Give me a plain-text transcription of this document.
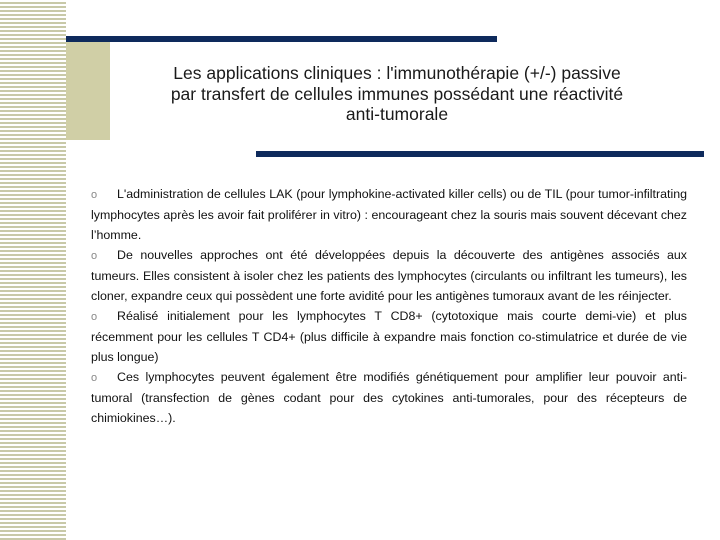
Les applications cliniques : l'immunothérapie (+/-) passive
par transfert de cellules immunes possédant une réactivité
anti-tumorale
o L'administration de cellules LAK (pour lymphokine-activated killer cells) ou de TIL (pour tumor-infiltrating lymphocytes après les avoir fait proliférer in vitro) : encourageant chez la souris mais souvent décevant chez l’homme.
o De nouvelles approches ont été développées depuis la découverte des antigènes associés aux tumeurs. Elles consistent à isoler chez les patients des lymphocytes (circulants ou infiltrant les tumeurs), les cloner, expandre ceux qui possèdent une forte avidité pour les antigènes tumoraux avant de les réinjecter.
o Réalisé initialement pour les lymphocytes T CD8+ (cytotoxique mais courte demi-vie) et plus récemment pour les cellules T CD4+ (plus difficile à expandre mais fonction co-stimulatrice et durée de vie plus longue)
o Ces lymphocytes peuvent également être modifiés génétiquement pour amplifier leur pouvoir anti-tumoral (transfection de gènes codant pour des cytokines anti-tumorales, pour des récepteurs de chimiokines…).
